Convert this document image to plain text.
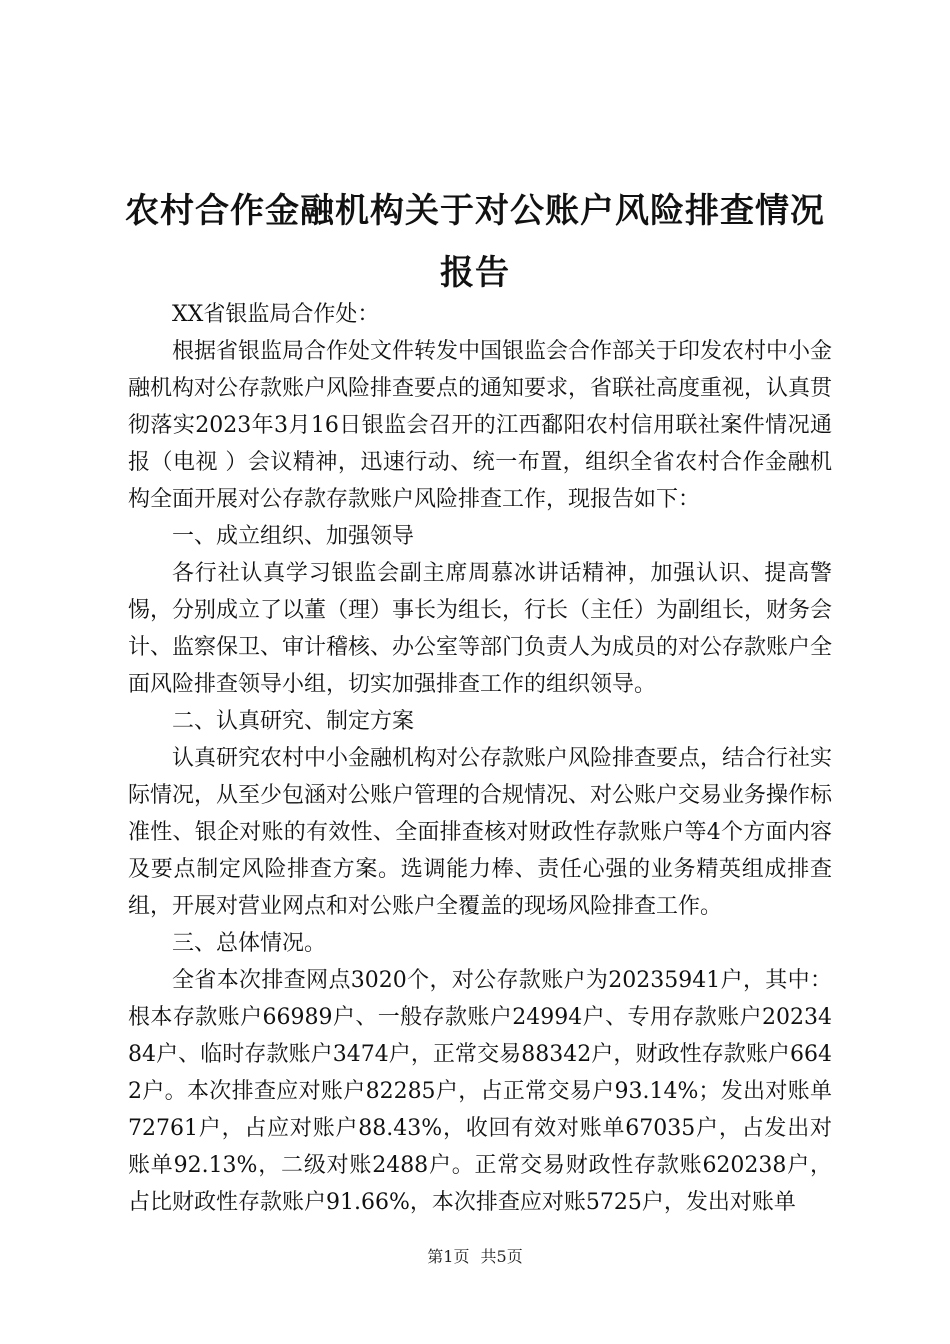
农村合作金融机构关于对公账户风险排查情况
报告

XX省银监局合作处：

根据省银监局合作处文件转发中国银监会合作部关于印发农村中小金融机构对公存款账户风险排查要点的通知要求，省联社高度重视，认真贯彻落实2023年3月16日银监会召开的江西鄱阳农村信用联社案件情况通报（电视 ）会议精神，迅速行动、统一布置，组织全省农村合作金融机构全面开展对公存款存款账户风险排查工作，现报告如下：

一、成立组织、加强领导

各行社认真学习银监会副主席周慕冰讲话精神，加强认识、提高警惕，分别成立了以董（理）事长为组长，行长（主任）为副组长，财务会计、监察保卫、审计稽核、办公室等部门负责人为成员的对公存款账户全面风险排查领导小组，切实加强排查工作的组织领导。

二、认真研究、制定方案

认真研究农村中小金融机构对公存款账户风险排查要点，结合行社实际情况，从至少包涵对公账户管理的合规情况、对公账户交易业务操作标准性、银企对账的有效性、全面排查核对财政性存款账户等4个方面内容及要点制定风险排查方案。选调能力棒、责任心强的业务精英组成排查组，开展对营业网点和对公账户全覆盖的现场风险排查工作。

三、总体情况。

全省本次排查网点3020个，对公存款账户为20235941户，其中：根本存款账户66989户、一般存款账户24994户、专用存款账户2023484户、临时存款账户3474户，正常交易88342户，财政性存款账户6642户。本次排查应对账户82285户，占正常交易户93.14%；发出对账单72761户，占应对账户88.43%，收回有效对账单67035户，占发出对账单92.13%，二级对账2488户。正常交易财政性存款账620238户，占比财政性存款账户91.66%，本次排查应对账5725户，发出对账单

第1页 共5页
